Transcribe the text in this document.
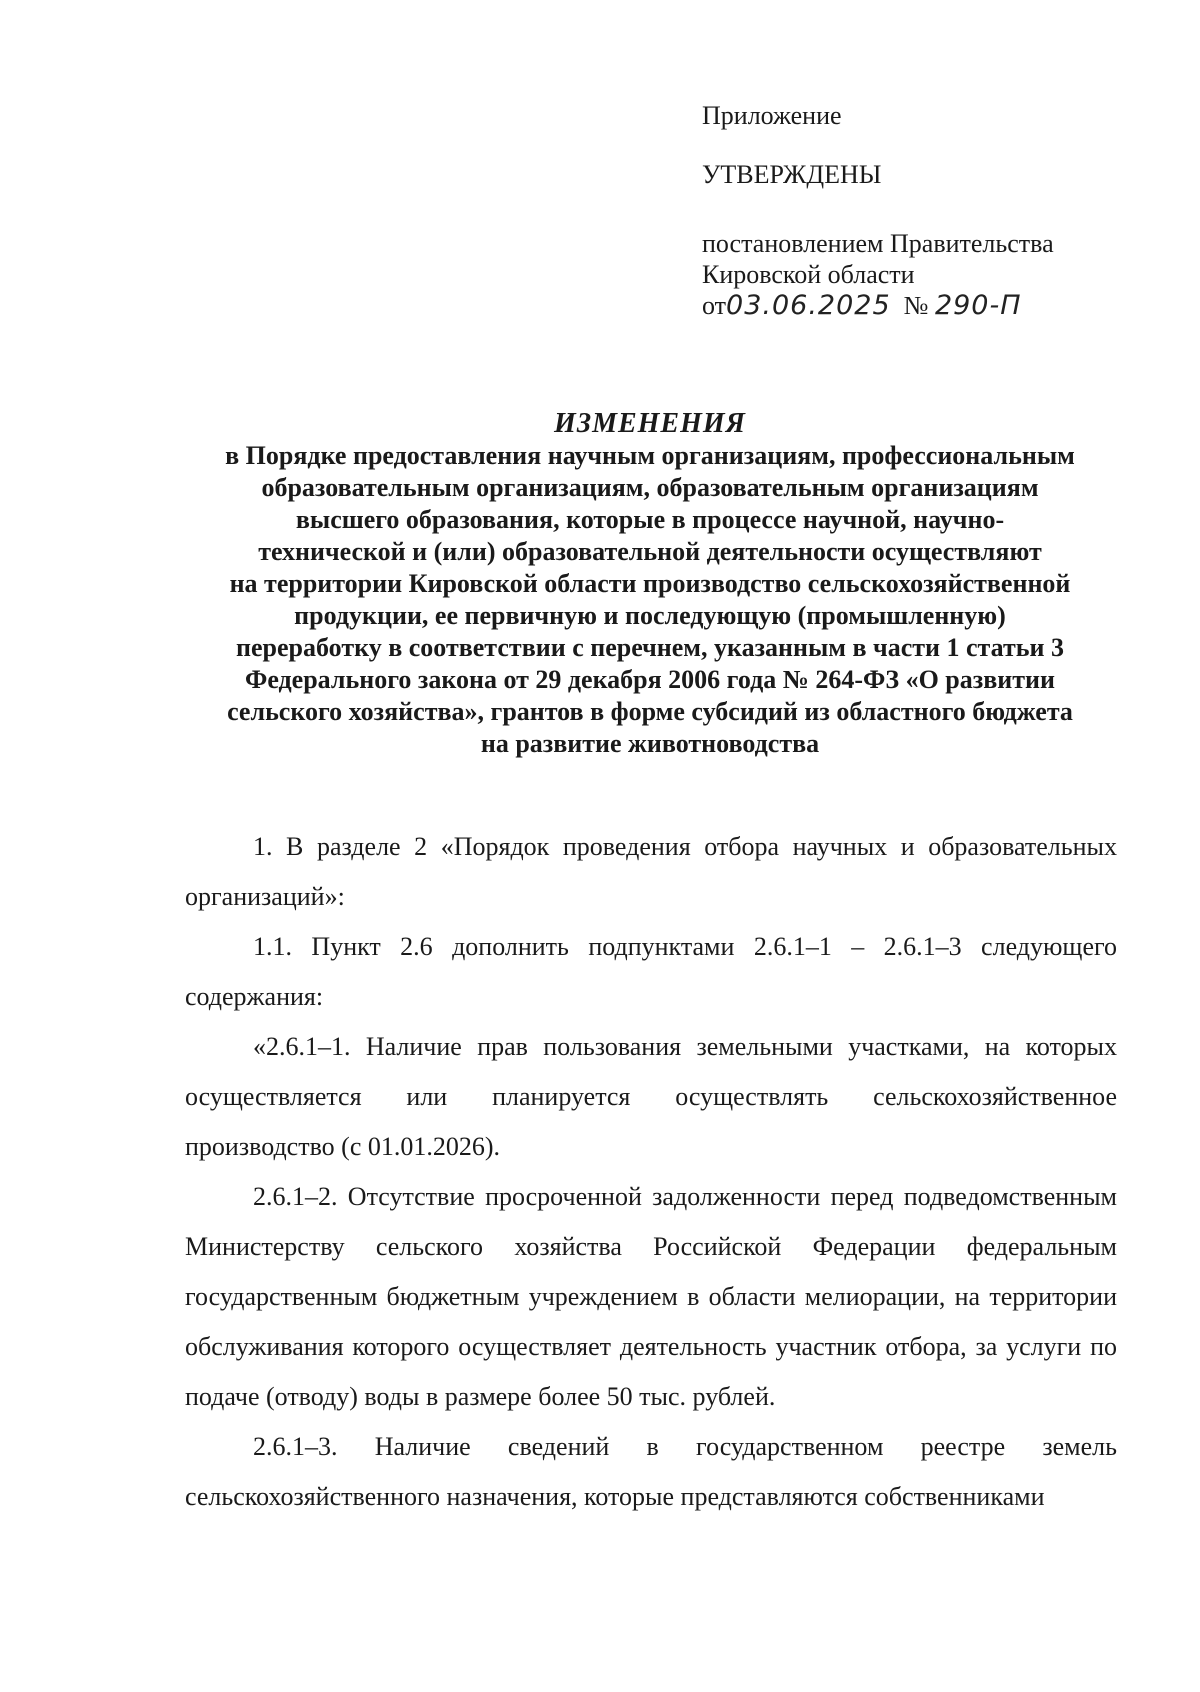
Приложение
УТВЕРЖДЕНЫ
постановлением Правительства
Кировской области
от03.06.2025 № 290-П
ИЗМЕНЕНИЯ
в Порядке предоставления научным организациям, профессиональным
образовательным организациям, образовательным организациям
высшего образования, которые в процессе научной, научно-
технической и (или) образовательной деятельности осуществляют
на территории Кировской области производство сельскохозяйственной
продукции, ее первичную и последующую (промышленную)
переработку в соответствии с перечнем, указанным в части 1 статьи 3
Федерального закона от 29 декабря 2006 года № 264-ФЗ «О развитии
сельского хозяйства», грантов в форме субсидий из областного бюджета
на развитие животноводства

1. В разделе 2 «Порядок проведения отбора научных и образовательных организаций»:

1.1. Пункт 2.6 дополнить подпунктами 2.6.1–1 – 2.6.1–3 следующего содержания:

«2.6.1–1. Наличие прав пользования земельными участками, на которых осуществляется или планируется осуществлять сельскохозяйственное производство (с 01.01.2026).

2.6.1–2. Отсутствие просроченной задолженности перед подведомственным Министерству сельского хозяйства Российской Федерации федеральным государственным бюджетным учреждением в области мелиорации, на территории обслуживания которого осуществляет деятельность участник отбора, за услуги по подаче (отводу) воды в размере более 50 тыс. рублей.

2.6.1–3. Наличие сведений в государственном реестре земель сельскохозяйственного назначения, которые представляются собственниками
